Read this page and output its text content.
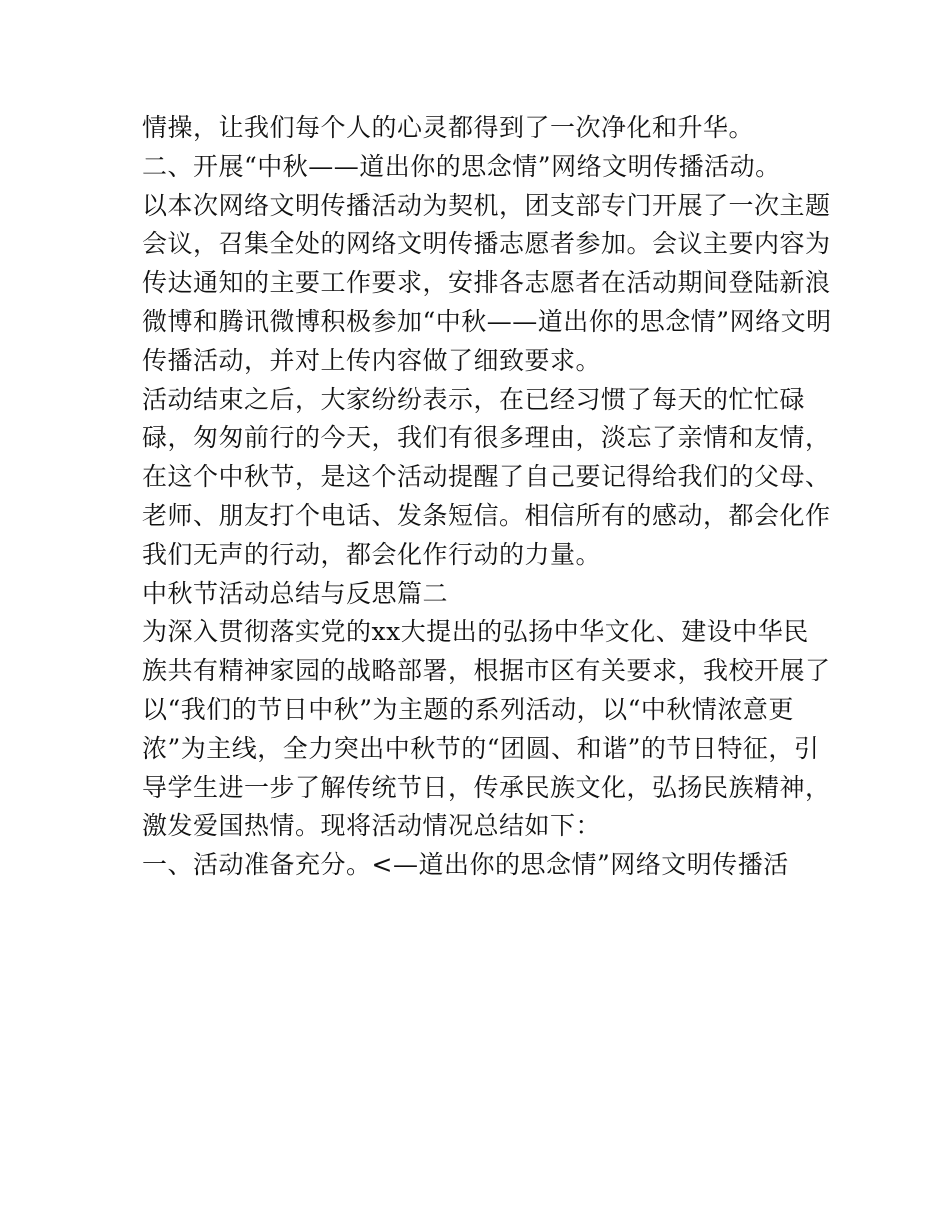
情操，让我们每个人的心灵都得到了一次净化和升华。
二、开展“中秋——道出你的思念情”网络文明传播活动。
以本次网络文明传播活动为契机，团支部专门开展了一次主题
会议，召集全处的网络文明传播志愿者参加。会议主要内容为
传达通知的主要工作要求，安排各志愿者在活动期间登陆新浪
微博和腾讯微博积极参加“中秋——道出你的思念情”网络文明
传播活动，并对上传内容做了细致要求。
活动结束之后，大家纷纷表示，在已经习惯了每天的忙忙碌
碌，匆匆前行的今天，我们有很多理由，淡忘了亲情和友情，
在这个中秋节，是这个活动提醒了自己要记得给我们的父母、
老师、朋友打个电话、发条短信。相信所有的感动，都会化作
我们无声的行动，都会化作行动的力量。
中秋节活动总结与反思篇二
为深入贯彻落实党的xx大提出的弘扬中华文化、建设中华民
族共有精神家园的战略部署，根据市区有关要求，我校开展了
以“我们的节日中秋”为主题的系列活动，以“中秋情浓意更
浓”为主线，全力突出中秋节的“团圆、和谐”的节日特征，引
导学生进一步了解传统节日，传承民族文化，弘扬民族精神，
激发爱国热情。现将活动情况总结如下：
一、活动准备充分。<—道出你的思念情”网络文明传播活
